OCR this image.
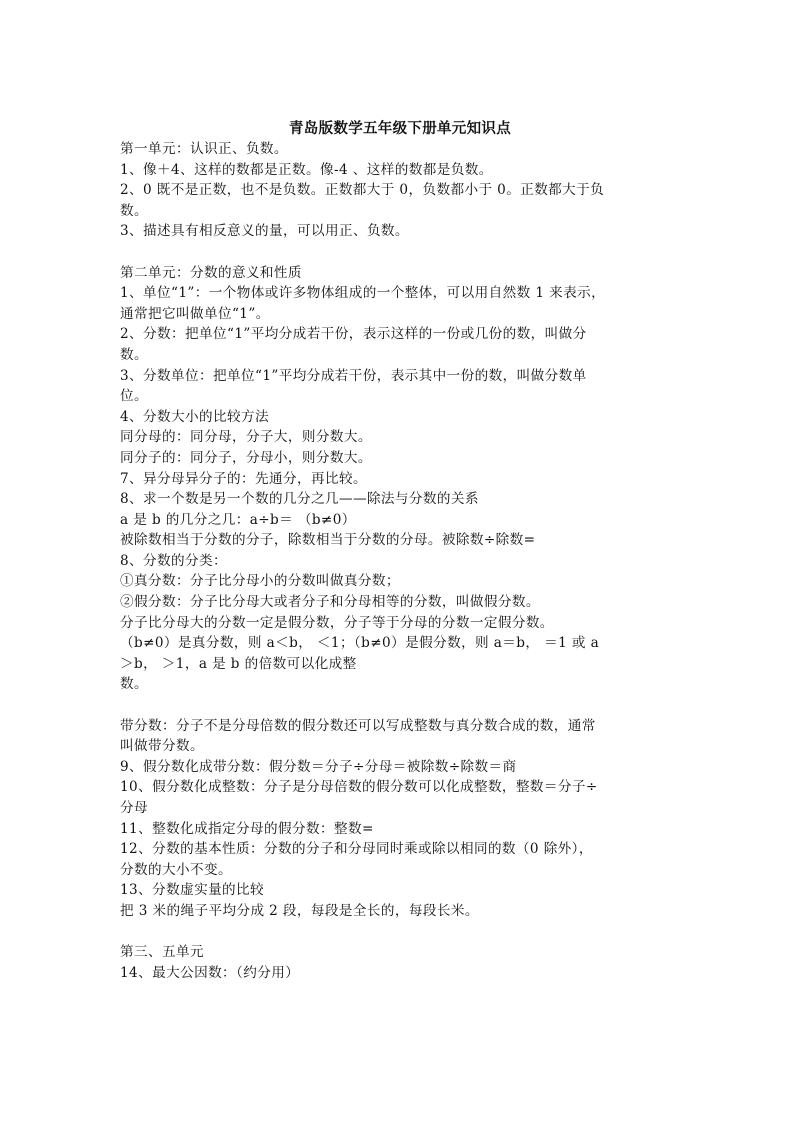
青岛版数学五年级下册单元知识点
第一单元：认识正、负数。
1、像＋4、这样的数都是正数。像-4 、这样的数都是负数。
2、0 既不是正数，也不是负数。正数都大于 0，负数都小于 0。正数都大于负
数。
3、描述具有相反意义的量，可以用正、负数。
第二单元：分数的意义和性质
1、单位“1”：一个物体或许多物体组成的一个整体，可以用自然数 1 来表示，
通常把它叫做单位“1”。
2、分数：把单位“1”平均分成若干份，表示这样的一份或几份的数，叫做分
数。
3、分数单位：把单位“1”平均分成若干份，表示其中一份的数，叫做分数单
位。
4、分数大小的比较方法
同分母的：同分母，分子大，则分数大。
同分子的：同分子，分母小，则分数大。
7、异分母异分子的：先通分，再比较。
8、求一个数是另一个数的几分之几——除法与分数的关系
a 是 b 的几分之几：a÷b＝ （b≠0）
被除数相当于分数的分子，除数相当于分数的分母。被除数÷除数=
8、分数的分类：
①真分数：分子比分母小的分数叫做真分数；
②假分数：分子比分母大或者分子和分母相等的分数，叫做假分数。
分子比分母大的分数一定是假分数，分子等于分母的分数一定假分数。
（b≠0）是真分数，则 a＜b， ＜1；（b≠0）是假分数，则 a＝b， ＝1 或 a
＞b， ＞1，a 是 b 的倍数可以化成整
数。
带分数：分子不是分母倍数的假分数还可以写成整数与真分数合成的数，通常
叫做带分数。
9、假分数化成带分数：假分数＝分子÷分母＝被除数÷除数＝商
10、假分数化成整数：分子是分母倍数的假分数可以化成整数，整数＝分子÷
分母
11、整数化成指定分母的假分数：整数=
12、分数的基本性质：分数的分子和分母同时乘或除以相同的数（0 除外），
分数的大小不变。
13、分数虚实量的比较
把 3 米的绳子平均分成 2 段，每段是全长的，每段长米。
第三、五单元
14、最大公因数：（约分用）
